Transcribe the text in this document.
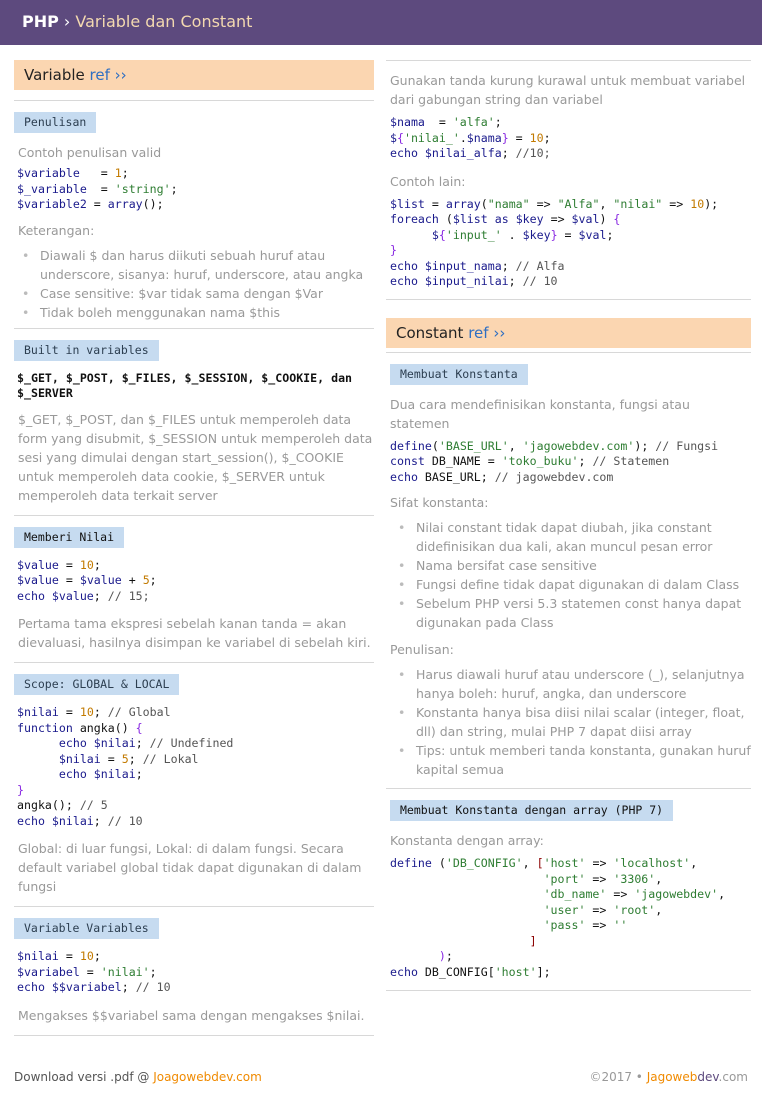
PHP › Variable dan Constant
Variable ref ››
Penulisan
Contoh penulisan valid
$variable   = 1;
$_variable  = 'string';
$variable2 = array();
Keterangan:
• Diawali $ dan harus diikuti sebuah huruf atau underscore, sisanya: huruf, underscore, atau angka
• Case sensitive: $var tidak sama dengan $Var
• Tidak boleh menggunakan nama $this
Built in variables
$_GET, $_POST, $_FILES, $_SESSION, $_COOKIE, dan $_SERVER
$_GET, $_POST, dan $_FILES untuk memperoleh data form yang disubmit, $_SESSION untuk memperoleh data sesi yang dimulai dengan start_session(), $_COOKIE untuk memperoleh data cookie, $_SERVER untuk memperoleh data terkait server
Memberi Nilai
$value = 10;
$value = $value + 5;
echo $value; // 15;
Pertama tama ekspresi sebelah kanan tanda = akan dievaluasi, hasilnya disimpan ke variabel di sebelah kiri.
Scope: GLOBAL & LOCAL
$nilai = 10; // Global
function angka() {
echo $nilai; // Undefined
$nilai = 5; // Lokal
echo $nilai;
}
angka(); // 5
echo $nilai; // 10
Global: di luar fungsi, Lokal: di dalam fungsi. Secara default variabel global tidak dapat digunakan di dalam fungsi
Variable Variables
$nilai = 10;
$variabel = 'nilai';
echo $$variabel; // 10
Mengakses $$variabel sama dengan mengakses $nilai.
Gunakan tanda kurung kurawal untuk membuat variabel dari gabungan string dan variabel
$nama  = 'alfa';
${'nilai_'.$nama} = 10;
echo $nilai_alfa; //10;
Contoh lain:
$list = array("nama" => "Alfa", "nilai" => 10);
foreach ($list as $key => $val) {
${'input_' . $key} = $val;
}
echo $input_nama; // Alfa
echo $input_nilai; // 10
Constant ref ››
Membuat Konstanta
Dua cara mendefinisikan konstanta, fungsi atau statemen
define('BASE_URL', 'jagowebdev.com'); // Fungsi
const DB_NAME = 'toko_buku'; // Statemen
echo BASE_URL; // jagowebdev.com
Sifat konstanta:
• Nilai constant tidak dapat diubah, jika constant didefinisikan dua kali, akan muncul pesan error
• Nama bersifat case sensitive
• Fungsi define tidak dapat digunakan di dalam Class
• Sebelum PHP versi 5.3 statemen const hanya dapat digunakan pada Class
Penulisan:
• Harus diawali huruf atau underscore (_), selanjutnya hanya boleh: huruf, angka, dan underscore
• Konstanta hanya bisa diisi nilai scalar (integer, float, dll) dan string, mulai PHP 7 dapat diisi array
• Tips: untuk memberi tanda konstanta, gunakan huruf kapital semua
Membuat Konstanta dengan array (PHP 7)
Konstanta dengan array:
define ('DB_CONFIG', ['host' => 'localhost',
'port' => '3306',
'db_name' => 'jagowebdev',
'user' => 'root',
'pass' => ''
]
);
echo DB_CONFIG['host'];
Download versi .pdf @ Joagowebdev.com	©2017 • Jagowebdev.com
